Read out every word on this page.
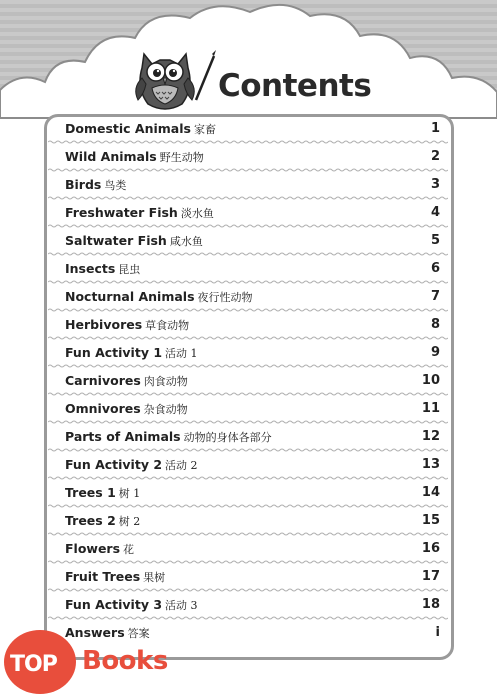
Contents
Domestic Animals 家畜	1
Wild Animals 野生动物	2
Birds 鸟类	3
Freshwater Fish 淡水鱼	4
Saltwater Fish 咸水鱼	5
Insects 昆虫	6
Nocturnal Animals 夜行性动物	7
Herbivores 草食动物	8
Fun Activity 1 活动 1	9
Carnivores 肉食动物	10
Omnivores 杂食动物	11
Parts of Animals 动物的身体各部分	12
Fun Activity 2 活动 2	13
Trees 1 树 1	14
Trees 2 树 2	15
Flowers 花	16
Fruit Trees 果树	17
Fun Activity 3 活动 3	18
Answers 答案	i
TOP Books
